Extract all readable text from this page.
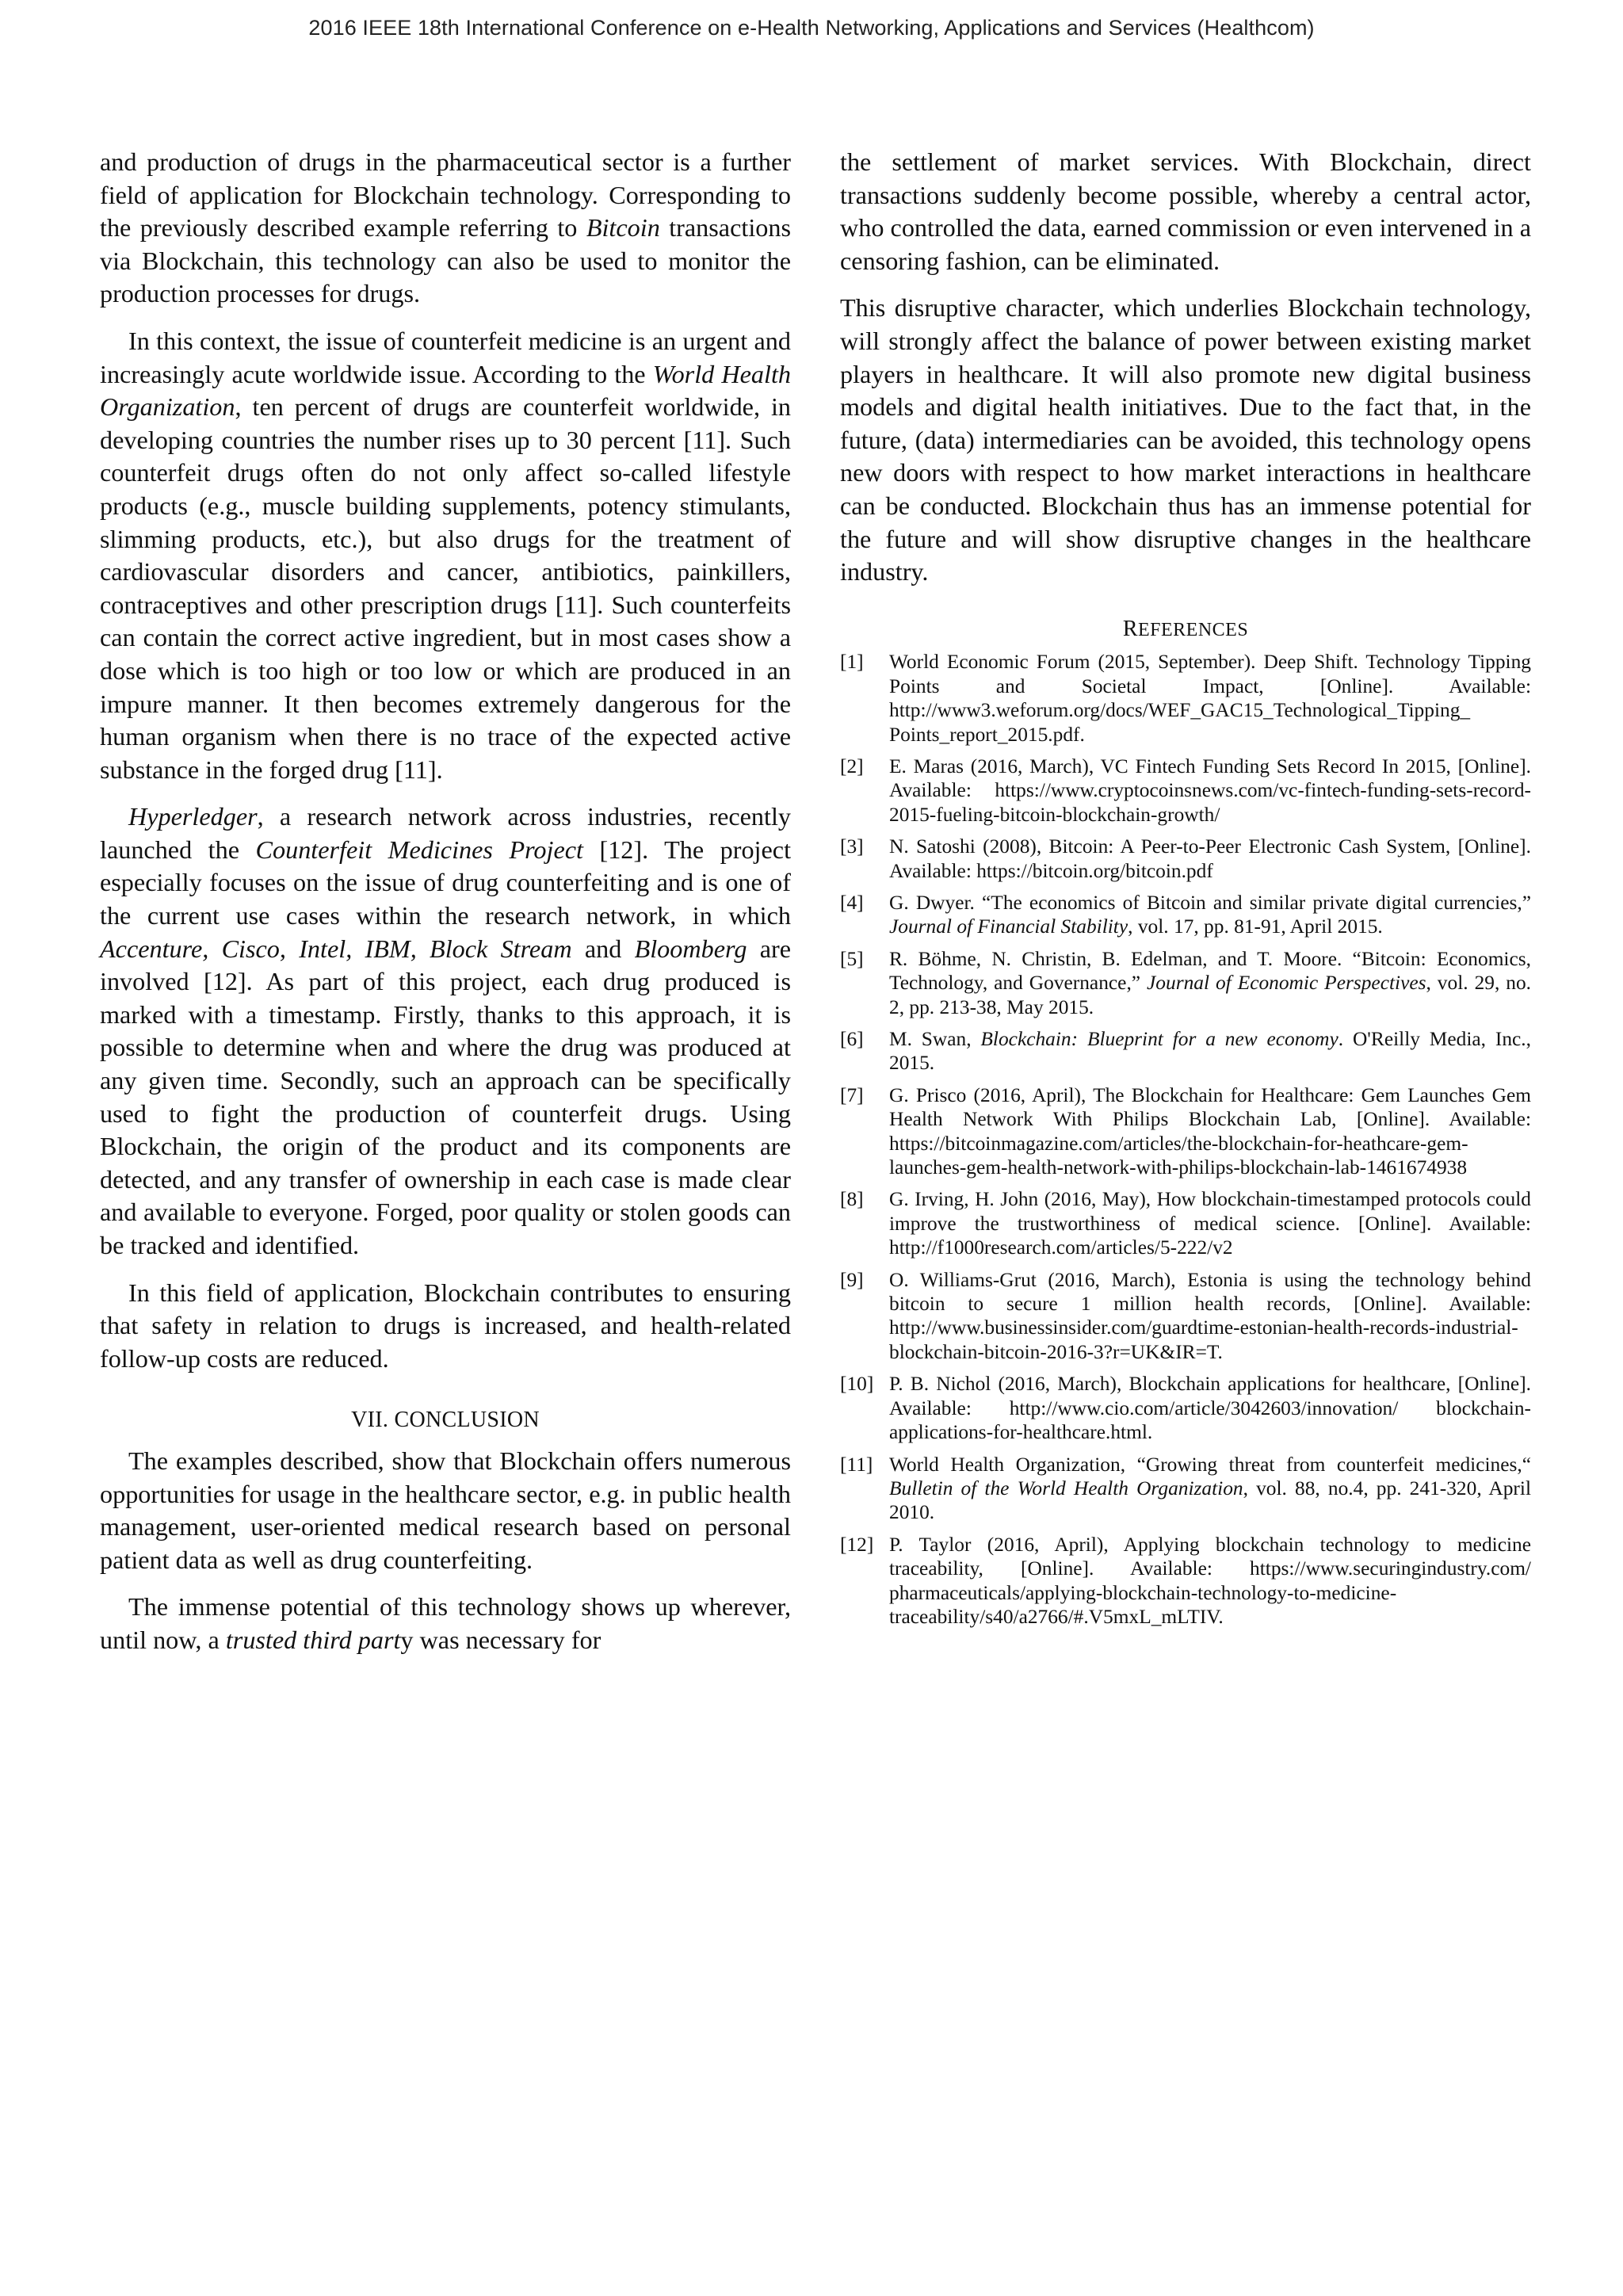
2016 IEEE 18th International Conference on e-Health Networking, Applications and Services (Healthcom)

and production of drugs in the pharmaceutical sector is a further field of application for Blockchain technology. Corresponding to the previously described example referring to Bitcoin transactions via Blockchain, this technology can also be used to monitor the production processes for drugs.

In this context, the issue of counterfeit medicine is an urgent and increasingly acute worldwide issue. According to the World Health Organization, ten percent of drugs are counterfeit worldwide, in developing countries the number rises up to 30 percent [11]. Such counterfeit drugs often do not only affect so-called lifestyle products (e.g., muscle building supplements, potency stimulants, slimming products, etc.), but also drugs for the treatment of cardiovascular disorders and cancer, antibiotics, painkillers, contraceptives and other prescription drugs [11]. Such counterfeits can contain the correct active ingredient, but in most cases show a dose which is too high or too low or which are produced in an impure manner. It then becomes extremely dangerous for the human organism when there is no trace of the expected active substance in the forged drug [11].

Hyperledger, a research network across industries, recently launched the Counterfeit Medicines Project [12]. The project especially focuses on the issue of drug counterfeiting and is one of the current use cases within the research network, in which Accenture, Cisco, Intel, IBM, Block Stream and Bloomberg are involved [12]. As part of this project, each drug produced is marked with a timestamp. Firstly, thanks to this approach, it is possible to determine when and where the drug was produced at any given time. Secondly, such an approach can be specifically used to fight the production of counterfeit drugs. Using Blockchain, the origin of the product and its components are detected, and any transfer of ownership in each case is made clear and available to everyone. Forged, poor quality or stolen goods can be tracked and identified.

In this field of application, Blockchain contributes to ensuring that safety in relation to drugs is increased, and health-related follow-up costs are reduced.

VII. CONCLUSION

The examples described, show that Blockchain offers numerous opportunities for usage in the healthcare sector, e.g. in public health management, user-oriented medical research based on personal patient data as well as drug counterfeiting.

The immense potential of this technology shows up wherever, until now, a trusted third party was necessary for

the settlement of market services. With Blockchain, direct transactions suddenly become possible, whereby a central actor, who controlled the data, earned commission or even intervened in a censoring fashion, can be eliminated.

This disruptive character, which underlies Blockchain technology, will strongly affect the balance of power between existing market players in healthcare. It will also promote new digital business models and digital health initiatives. Due to the fact that, in the future, (data) intermediaries can be avoided, this technology opens new doors with respect to how market interactions in healthcare can be conducted. Blockchain thus has an immense potential for the future and will show disruptive changes in the healthcare industry.

REFERENCES
[1]	World Economic Forum (2015, September). Deep Shift. Technology Tipping Points and Societal Impact, [Online]. Available: http://www3.weforum.org/docs/WEF_GAC15_Technological_Tipping_ Points_report_2015.pdf.
[2]	E. Maras (2016, March), VC Fintech Funding Sets Record In 2015, [Online]. Available: https://www.cryptocoinsnews.com/vc-fintech-funding-sets-record-2015-fueling-bitcoin-blockchain-growth/
[3]	N. Satoshi (2008), Bitcoin: A Peer-to-Peer Electronic Cash System, [Online]. Available: https://bitcoin.org/bitcoin.pdf
[4]	G. Dwyer. “The economics of Bitcoin and similar private digital currencies,” Journal of Financial Stability, vol. 17, pp. 81-91, April 2015.
[5]	R. Böhme, N. Christin, B. Edelman, and T. Moore. “Bitcoin: Economics, Technology, and Governance,” Journal of Economic Perspectives, vol. 29, no. 2, pp. 213-38, May 2015.
[6]	M. Swan, Blockchain: Blueprint for a new economy. O'Reilly Media, Inc., 2015.
[7]	G. Prisco (2016, April), The Blockchain for Healthcare: Gem Launches Gem Health Network With Philips Blockchain Lab, [Online]. Available: https://bitcoinmagazine.com/articles/the-blockchain-for-heathcare-gem-launches-gem-health-network-with-philips-blockchain-lab-1461674938
[8]	G. Irving, H. John (2016, May), How blockchain-timestamped protocols could improve the trustworthiness of medical science. [Online]. Available: http://f1000research.com/articles/5-222/v2
[9]	O. Williams-Grut (2016, March), Estonia is using the technology behind bitcoin to secure 1 million health records, [Online]. Available: http://www.businessinsider.com/guardtime-estonian-health-records-industrial-blockchain-bitcoin-2016-3?r=UK&IR=T.
[10] P. B. Nichol (2016, March), Blockchain applications for healthcare, [Online]. Available: http://www.cio.com/article/3042603/innovation/ blockchain-applications-for-healthcare.html.
[11] World Health Organization, “Growing threat from counterfeit medicines,“ Bulletin of the World Health Organization, vol. 88, no.4, pp. 241-320, April 2010.
[12] P. Taylor (2016, April), Applying blockchain technology to medicine traceability, [Online]. Available: https://www.securingindustry.com/ pharmaceuticals/applying-blockchain-technology-to-medicine-traceability/s40/a2766/#.V5mxL_mLTIV.
